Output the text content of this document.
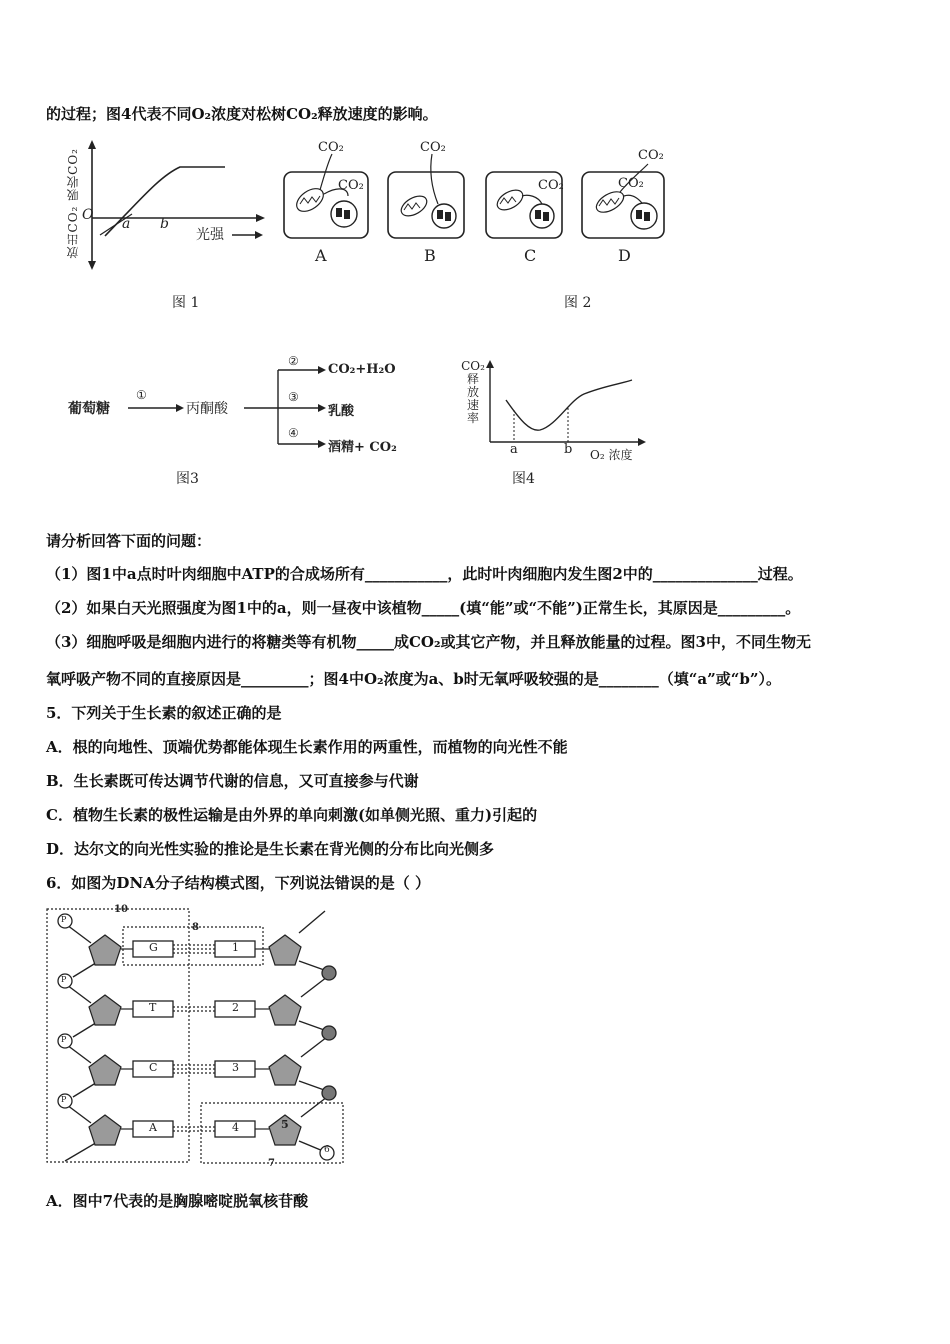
的过程；图4代表不同O₂浓度对松树CO₂释放速度的影响。
放出CO₂ 吸收CO₂ O
a b
光强
图 1
CO₂
CO₂
CO₂
CO₂
CO₂
CO₂
A	B	C	D
图 2
葡萄糖
①
丙酮酸
②
③
④
CO₂+H₂O
乳酸
酒精+ CO₂
图3
CO₂
释
放
速
率
a	b O₂ 浓度
图4
请分析回答下面的问题：
（1）图1中a点时叶肉细胞中ATP的合成场所有___________，此时叶肉细胞内发生图2中的______________过程。
（2）如果白天光照强度为图1中的a，则一昼夜中该植物_____(填“能”或“不能”)正常生长，其原因是_________。
（3）细胞呼吸是细胞内进行的将糖类等有机物_____成CO₂或其它产物，并且释放能量的过程。图3中，不同生物无
氧呼吸产物不同的直接原因是_________；图4中O₂浓度为a、b时无氧呼吸较强的是________（填“a”或“b”）。
5．下列关于生长素的叙述正确的是
A．根的向地性、顶端优势都能体现生长素作用的两重性，而植物的向光性不能
B．生长素既可传达调节代谢的信息，又可直接参与代谢
C．植物生长素的极性运输是由外界的单向刺激(如单侧光照、重力)引起的
D．达尔文的向光性实验的推论是生长素在背光侧的分布比向光侧多
6．如图为DNA分子结构模式图，下列说法错误的是（ ）
10
8
7
P
P
P
P
G
T
C
A
1
2
3
4	5
6
A．图中7代表的是胸腺嘧啶脱氧核苷酸
